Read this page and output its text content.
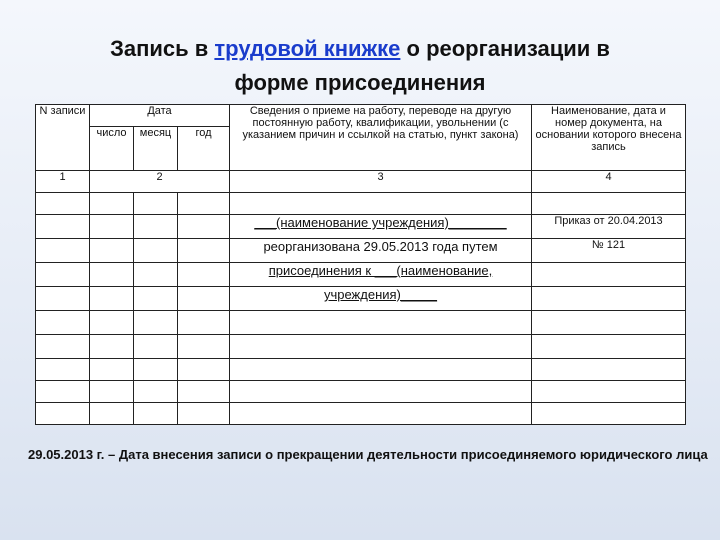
Запись в трудовой книжке о реорганизации в
форме присоединения
N записи	Дата			Сведения о приеме на работу, переводе на другую постоянную работу, квалификации, увольнении (с указанием причин и ссылкой на статью, пункт закона)	Наименование, дата и номер документа, на основании которого внесена запись
	число	месяц	год		
1	2			3	4

				___(наименование учреждения)________	Приказ от 20.04.2013
				реорганизована 29.05.2013 года путем	№ 121
				присоединения к ___(наименование,	
				учреждения)_____	

29.05.2013 г. – Дата внесения записи о прекращении деятельности присоединяемого юридического лица
